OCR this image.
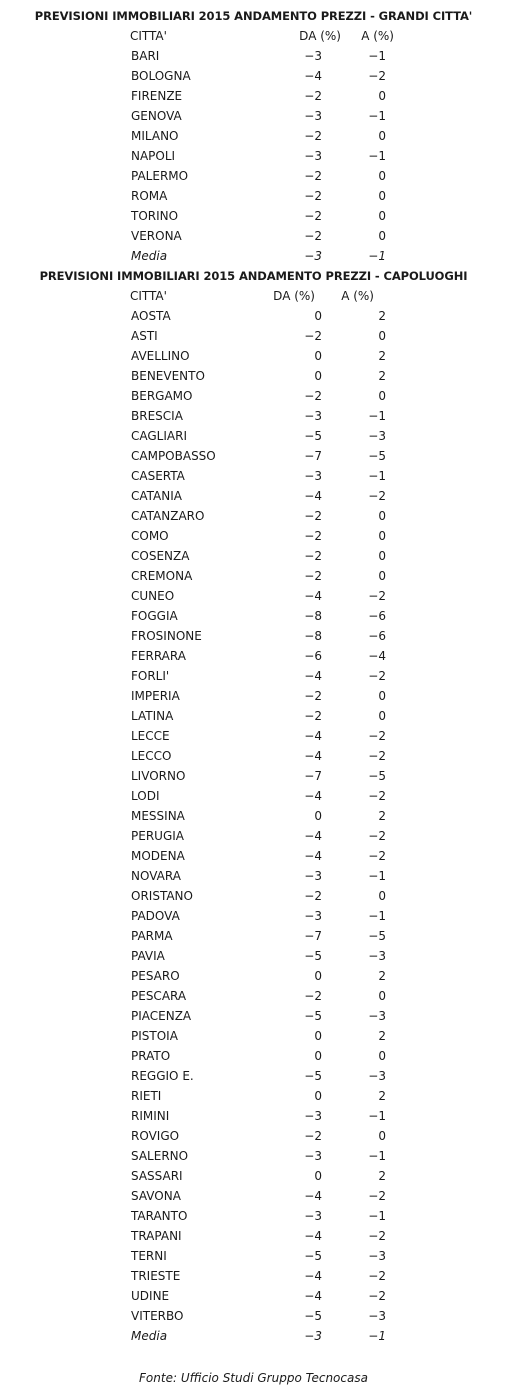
PREVISIONI IMMOBILIARI 2015 ANDAMENTO PREZZI - GRANDI CITTA'
CITTA'	DA (%) A (%)
BARI	−3	−1
BOLOGNA	−4	−2
FIRENZE	−2	0
GENOVA	−3	−1
MILANO	−2	0
NAPOLI	−3	−1
PALERMO	−2	0
ROMA	−2	0
TORINO	−2	0
VERONA	−2	0
Media	−3	−1
PREVISIONI IMMOBILIARI 2015 ANDAMENTO PREZZI - CAPOLUOGHI
CITTA'	DA (%) A (%)
AOSTA	0	2
ASTI	−2	0
AVELLINO	0	2
BENEVENTO	0	2
BERGAMO	−2	0
BRESCIA	−3	−1
CAGLIARI	−5	−3
CAMPOBASSO	−7	−5
CASERTA	−3	−1
CATANIA	−4	−2
CATANZARO	−2	0
COMO	−2	0
COSENZA	−2	0
CREMONA	−2	0
CUNEO	−4	−2
FOGGIA	−8	−6
FROSINONE	−8	−6
FERRARA	−6	−4
FORLI'	−4	−2
IMPERIA	−2	0
LATINA	−2	0
LECCE	−4	−2
LECCO	−4	−2
LIVORNO	−7	−5
LODI	−4	−2
MESSINA	0	2
PERUGIA	−4	−2
MODENA	−4	−2
NOVARA	−3	−1
ORISTANO	−2	0
PADOVA	−3	−1
PARMA	−7	−5
PAVIA	−5	−3
PESARO	0	2
PESCARA	−2	0
PIACENZA	−5	−3
PISTOIA	0	2
PRATO	0	0
REGGIO E.	−5	−3
RIETI	0	2
RIMINI	−3	−1
ROVIGO	−2	0
SALERNO	−3	−1
SASSARI	0	2
SAVONA	−4	−2
TARANTO	−3	−1
TRAPANI	−4	−2
TERNI	−5	−3
TRIESTE	−4	−2
UDINE	−4	−2
VITERBO	−5	−3
Media	−3	−1
Fonte: Ufficio Studi Gruppo Tecnocasa
